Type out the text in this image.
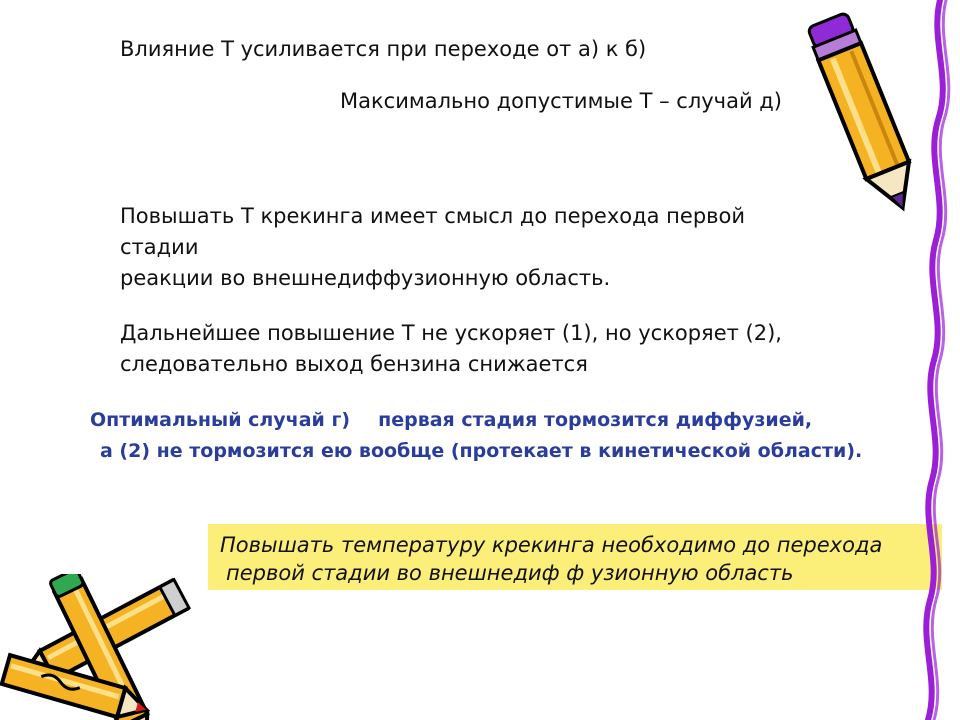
Влияние Т усиливается при переходе от а) к б)
Максимально допустимые Т – случай д)
Повышать Т крекинга имеет смысл до перехода первой стадии
реакции во внешнедиффузионную область.
Дальнейшее повышение Т не ускоряет (1), но ускоряет (2), следовательно выход бензина снижается
Оптимальный случай г) первая стадия тормозится диффузией,
а (2) не тормозится ею вообще (протекает в кинетической области).
Повышать температуру крекинга необходимо до перехода
первой стадии во внешнедиф ф узионную область
